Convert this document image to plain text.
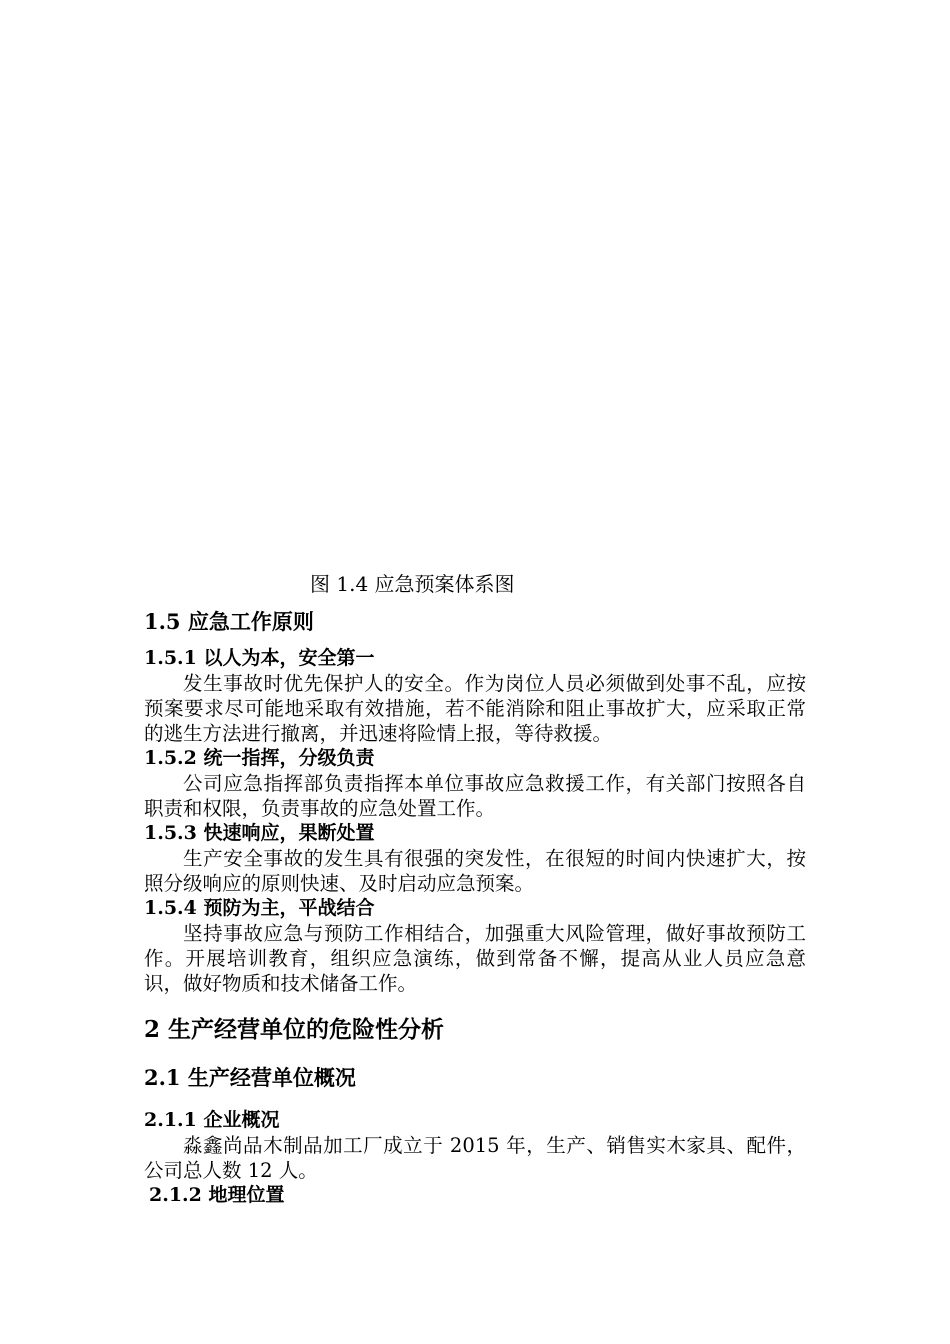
图 1.4 应急预案体系图
1.5 应急工作原则
1.5.1 以人为本，安全第一
发生事故时优先保护人的安全。作为岗位人员必须做到处事不乱，应按预案要求尽可能地采取有效措施，若不能消除和阻止事故扩大，应采取正常的逃生方法进行撤离，并迅速将险情上报，等待救援。
1.5.2 统一指挥，分级负责
公司应急指挥部负责指挥本单位事故应急救援工作，有关部门按照各自职责和权限，负责事故的应急处置工作。
1.5.3 快速响应，果断处置
生产安全事故的发生具有很强的突发性，在很短的时间内快速扩大，按照分级响应的原则快速、及时启动应急预案。
1.5.4 预防为主，平战结合
坚持事故应急与预防工作相结合，加强重大风险管理，做好事故预防工作。开展培训教育，组织应急演练，做到常备不懈，提高从业人员应急意识，做好物质和技术储备工作。
2 生产经营单位的危险性分析
2.1 生产经营单位概况
2.1.1 企业概况
淼鑫尚品木制品加工厂成立于 2015 年，生产、销售实木家具、配件，公司总人数 12 人。
2.1.2 地理位置
